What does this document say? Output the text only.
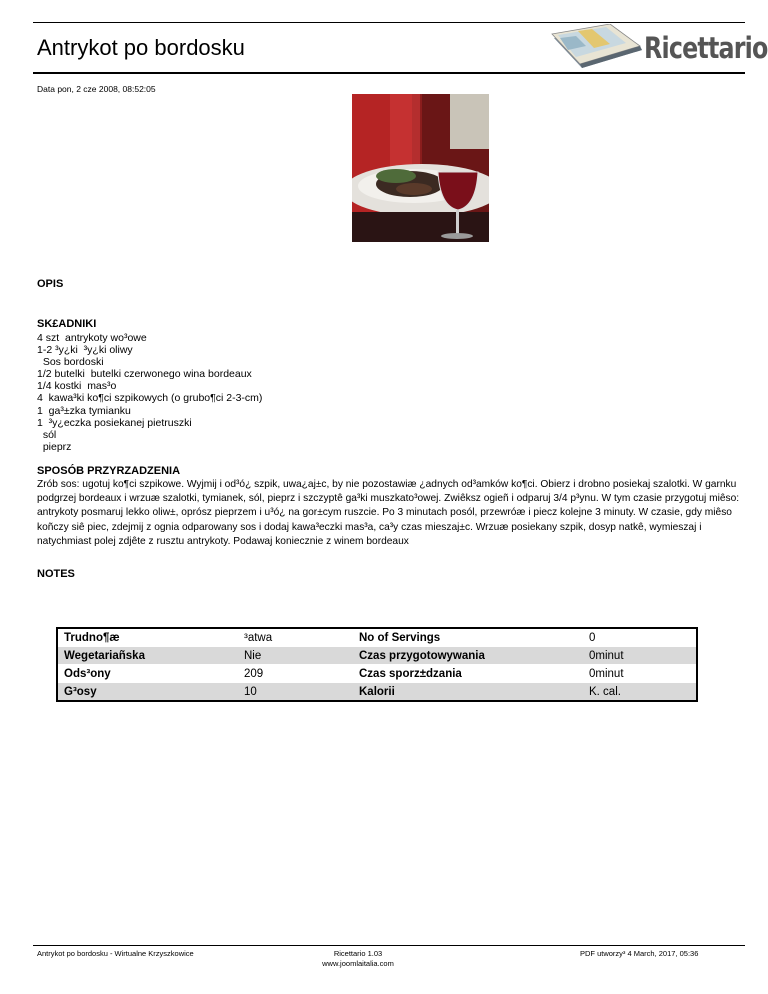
Antrykot po bordosku	Ricettario
Data pon, 2 cze 2008, 08:52:05
OPIS
SK£ADNIKI
4 szt  antrykoty wo³owe
1-2 ³y¿ki  ³y¿ki oliwy
Sos bordoski
1/2 butelki  butelki czerwonego wina bordeaux
1/4 kostki  mas³o
4  kawa³ki ko¶ci szpikowych (o grubo¶ci 2-3-cm)
1  ga³±zka tymianku
1  ³y¿eczka posiekanej pietruszki
sól
pieprz
SPOSÓB PRZYRZADZENIA

Zrób sos: ugotuj ko¶ci szpikowe. Wyjmij i od³ó¿ szpik, uwa¿aj±c, by nie pozostawiæ ¿adnych od³amków ko¶ci. Obierz i drobno posiekaj szalotki. W garnku podgrzej bordeaux i wrzuæ szalotki, tymianek, sól, pieprz i szczyptê ga³ki muszkato³owej. Zwiêksz ogieñ i odparuj 3/4 p³ynu. W tym czasie przygotuj miêso: antrykoty posmaruj lekko oliw±, oprósz pieprzem i u³ó¿ na gor±cym ruszcie. Po 3 minutach posól, przewróæ i piecz kolejne 3 minuty. W czasie, gdy miêso koñczy siê piec, zdejmij z ognia odparowany sos i dodaj kawa³eczki mas³a, ca³y czas mieszaj±c. Wrzuæ posiekany szpik, dosyp natkê, wymieszaj i natychmiast polej zdjête z rusztu antrykoty. Podawaj koniecznie z winem bordeaux

NOTES
Trudno¶æ	³atwa	No of Servings	0
Wegetariañska	Nie	Czas przygotowywania	0minut
Ods³ony	209	Czas sporz±dzania	0minut
G³osy	10	Kalorii	K. cal.
Antrykot po bordosku - Wirtualne Krzyszkowice	Ricettario 1.03
www.joomlaitalia.com
PDF utworzy³ 4 March, 2017, 05:36
